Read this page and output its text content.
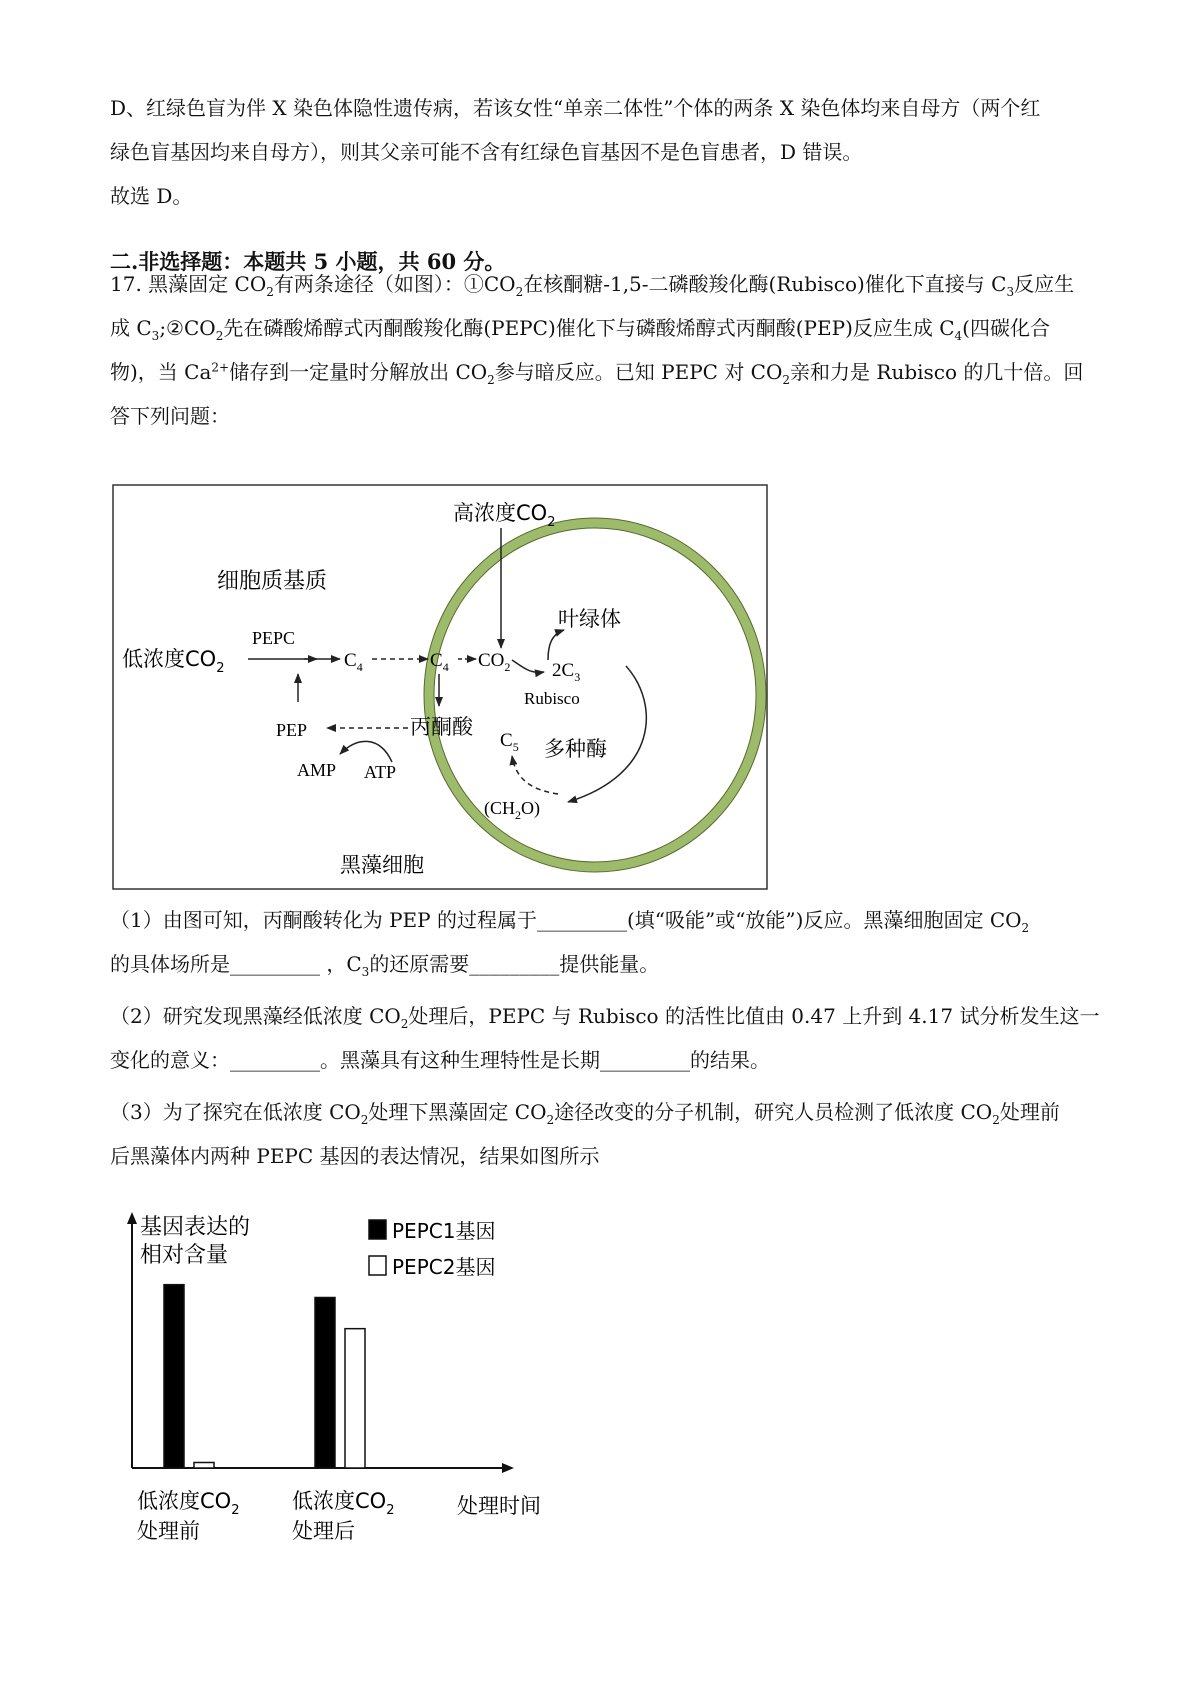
D、红绿色盲为伴 X 染色体隐性遗传病，若该女性“单亲二体性”个体的两条 X 染色体均来自母方（两个红
绿色盲基因均来自母方），则其父亲可能不含有红绿色盲基因不是色盲患者，D 错误。
故选 D。
二.非选择题：本题共 5 小题，共 60 分。
17. 黑藻固定 $CO_2$有两条途径（如图）：$①CO_2$在核酮糖-1,5-二磷酸羧化酶(Rubisco)催化下直接与 $C_3$反应生
成 $C_3;②CO_2$先在磷酸烯醇式丙酮酸羧化酶(PEPC)催化下与磷酸烯醇式丙酮酸(PEP)反应生成 $C_4$(四碳化合
物)，当 $Ca^{2+}$储存到一定量时分解放出 $CO_2$参与暗反应。已知 PEPC 对 $CO_2$亲和力是 Rubisco 的几十倍。回
答下列问题：
细胞质基质
叶绿体
高浓度$CO_2$
低浓度$CO_2$
PEPC
$C_4$	$C_4$ $CO_2$
丙酮酸
PEP
AMP ATP
$2C_3$
Rubisco
多种酶
$C_5$
$(CH_2O)$
黑藻细胞
（1）由图可知，丙酮酸转化为 PEP 的过程属于_________(填“吸能”或“放能”)反应。黑藻细胞固定 $CO_2$
的具体场所是_________ ，$C_3$的还原需要_________提供能量。
（2）研究发现黑藻经低浓度 $CO_2$处理后，PEPC 与 Rubisco 的活性比值由 0.47 上升到 4.17 试分析发生这一
变化的意义：_________。黑藻具有这种生理特性是长期_________的结果。
（3）为了探究在低浓度 $CO_2$处理下黑藻固定 $CO_2$途径改变的分子机制，研究人员检测了低浓度 $CO_2$处理前
后黑藻体内两种 PEPC 基因的表达情况，结果如图所示
基因表达的
相对含量
处理时间
PEPC1基因
PEPC2基因
低浓度$CO_2$
处理前
低浓度$CO_2$
处理后
